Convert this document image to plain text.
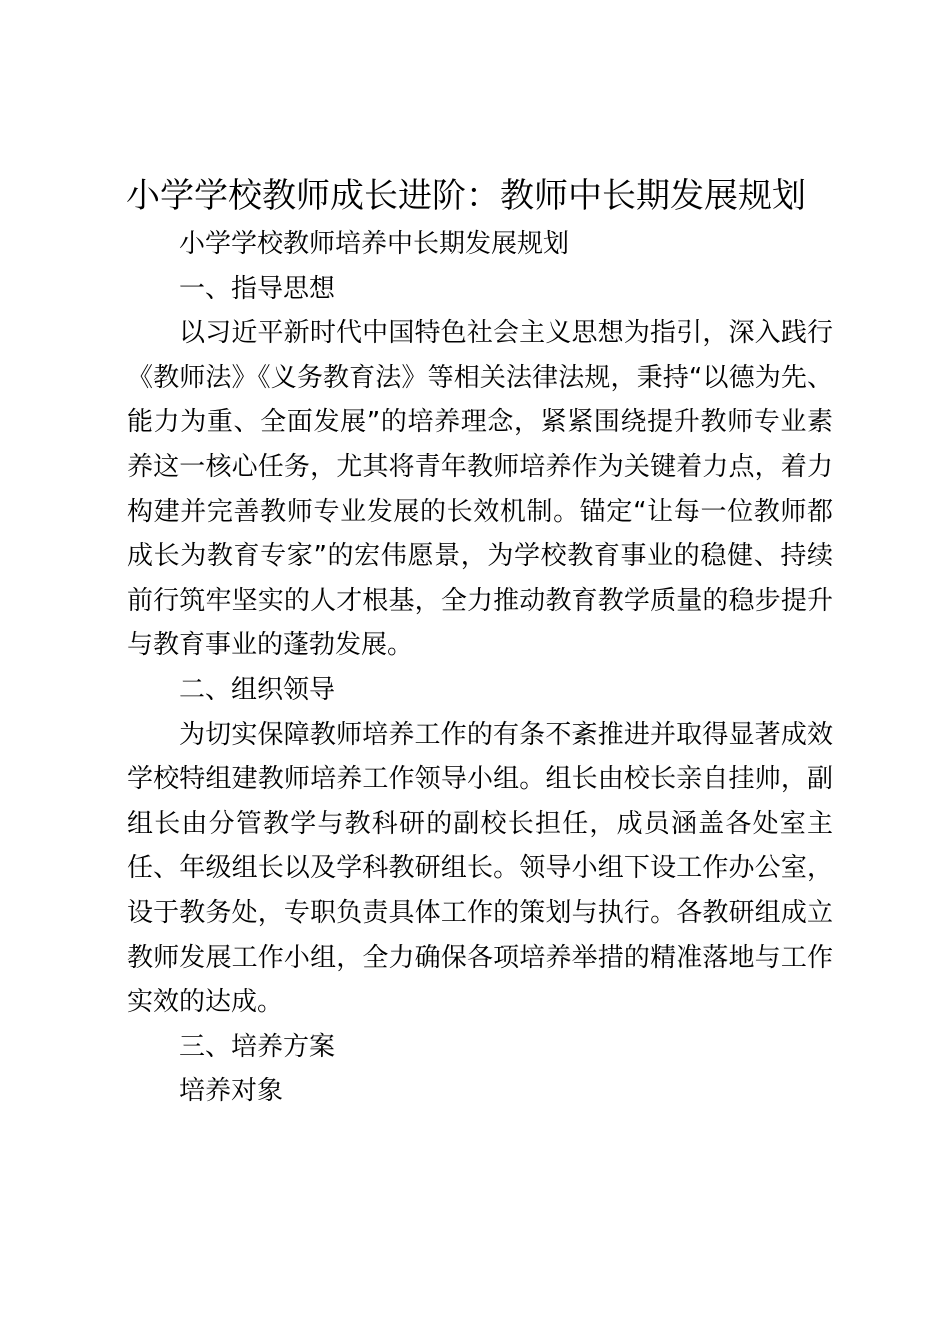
小学学校教师成长进阶：教师中长期发展规划

小学学校教师培养中长期发展规划

一、指导思想

以习近平新时代中国特色社会主义思想为指引，深入践行《教师法》《义务教育法》等相关法律法规，秉持“以德为先、能力为重、全面发展”的培养理念，紧紧围绕提升教师专业素养这一核心任务，尤其将青年教师培养作为关键着力点，着力构建并完善教师专业发展的长效机制。锚定“让每一位教师都成长为教育专家”的宏伟愿景，为学校教育事业的稳健、持续前行筑牢坚实的人才根基，全力推动教育教学质量的稳步提升与教育事业的蓬勃发展。

二、组织领导

为切实保障教师培养工作的有条不紊推进并取得显著成效学校特组建教师培养工作领导小组。组长由校长亲自挂帅，副组长由分管教学与教科研的副校长担任，成员涵盖各处室主任、年级组长以及学科教研组长。领导小组下设工作办公室，设于教务处，专职负责具体工作的策划与执行。各教研组成立教师发展工作小组，全力确保各项培养举措的精准落地与工作实效的达成。

三、培养方案

培养对象
